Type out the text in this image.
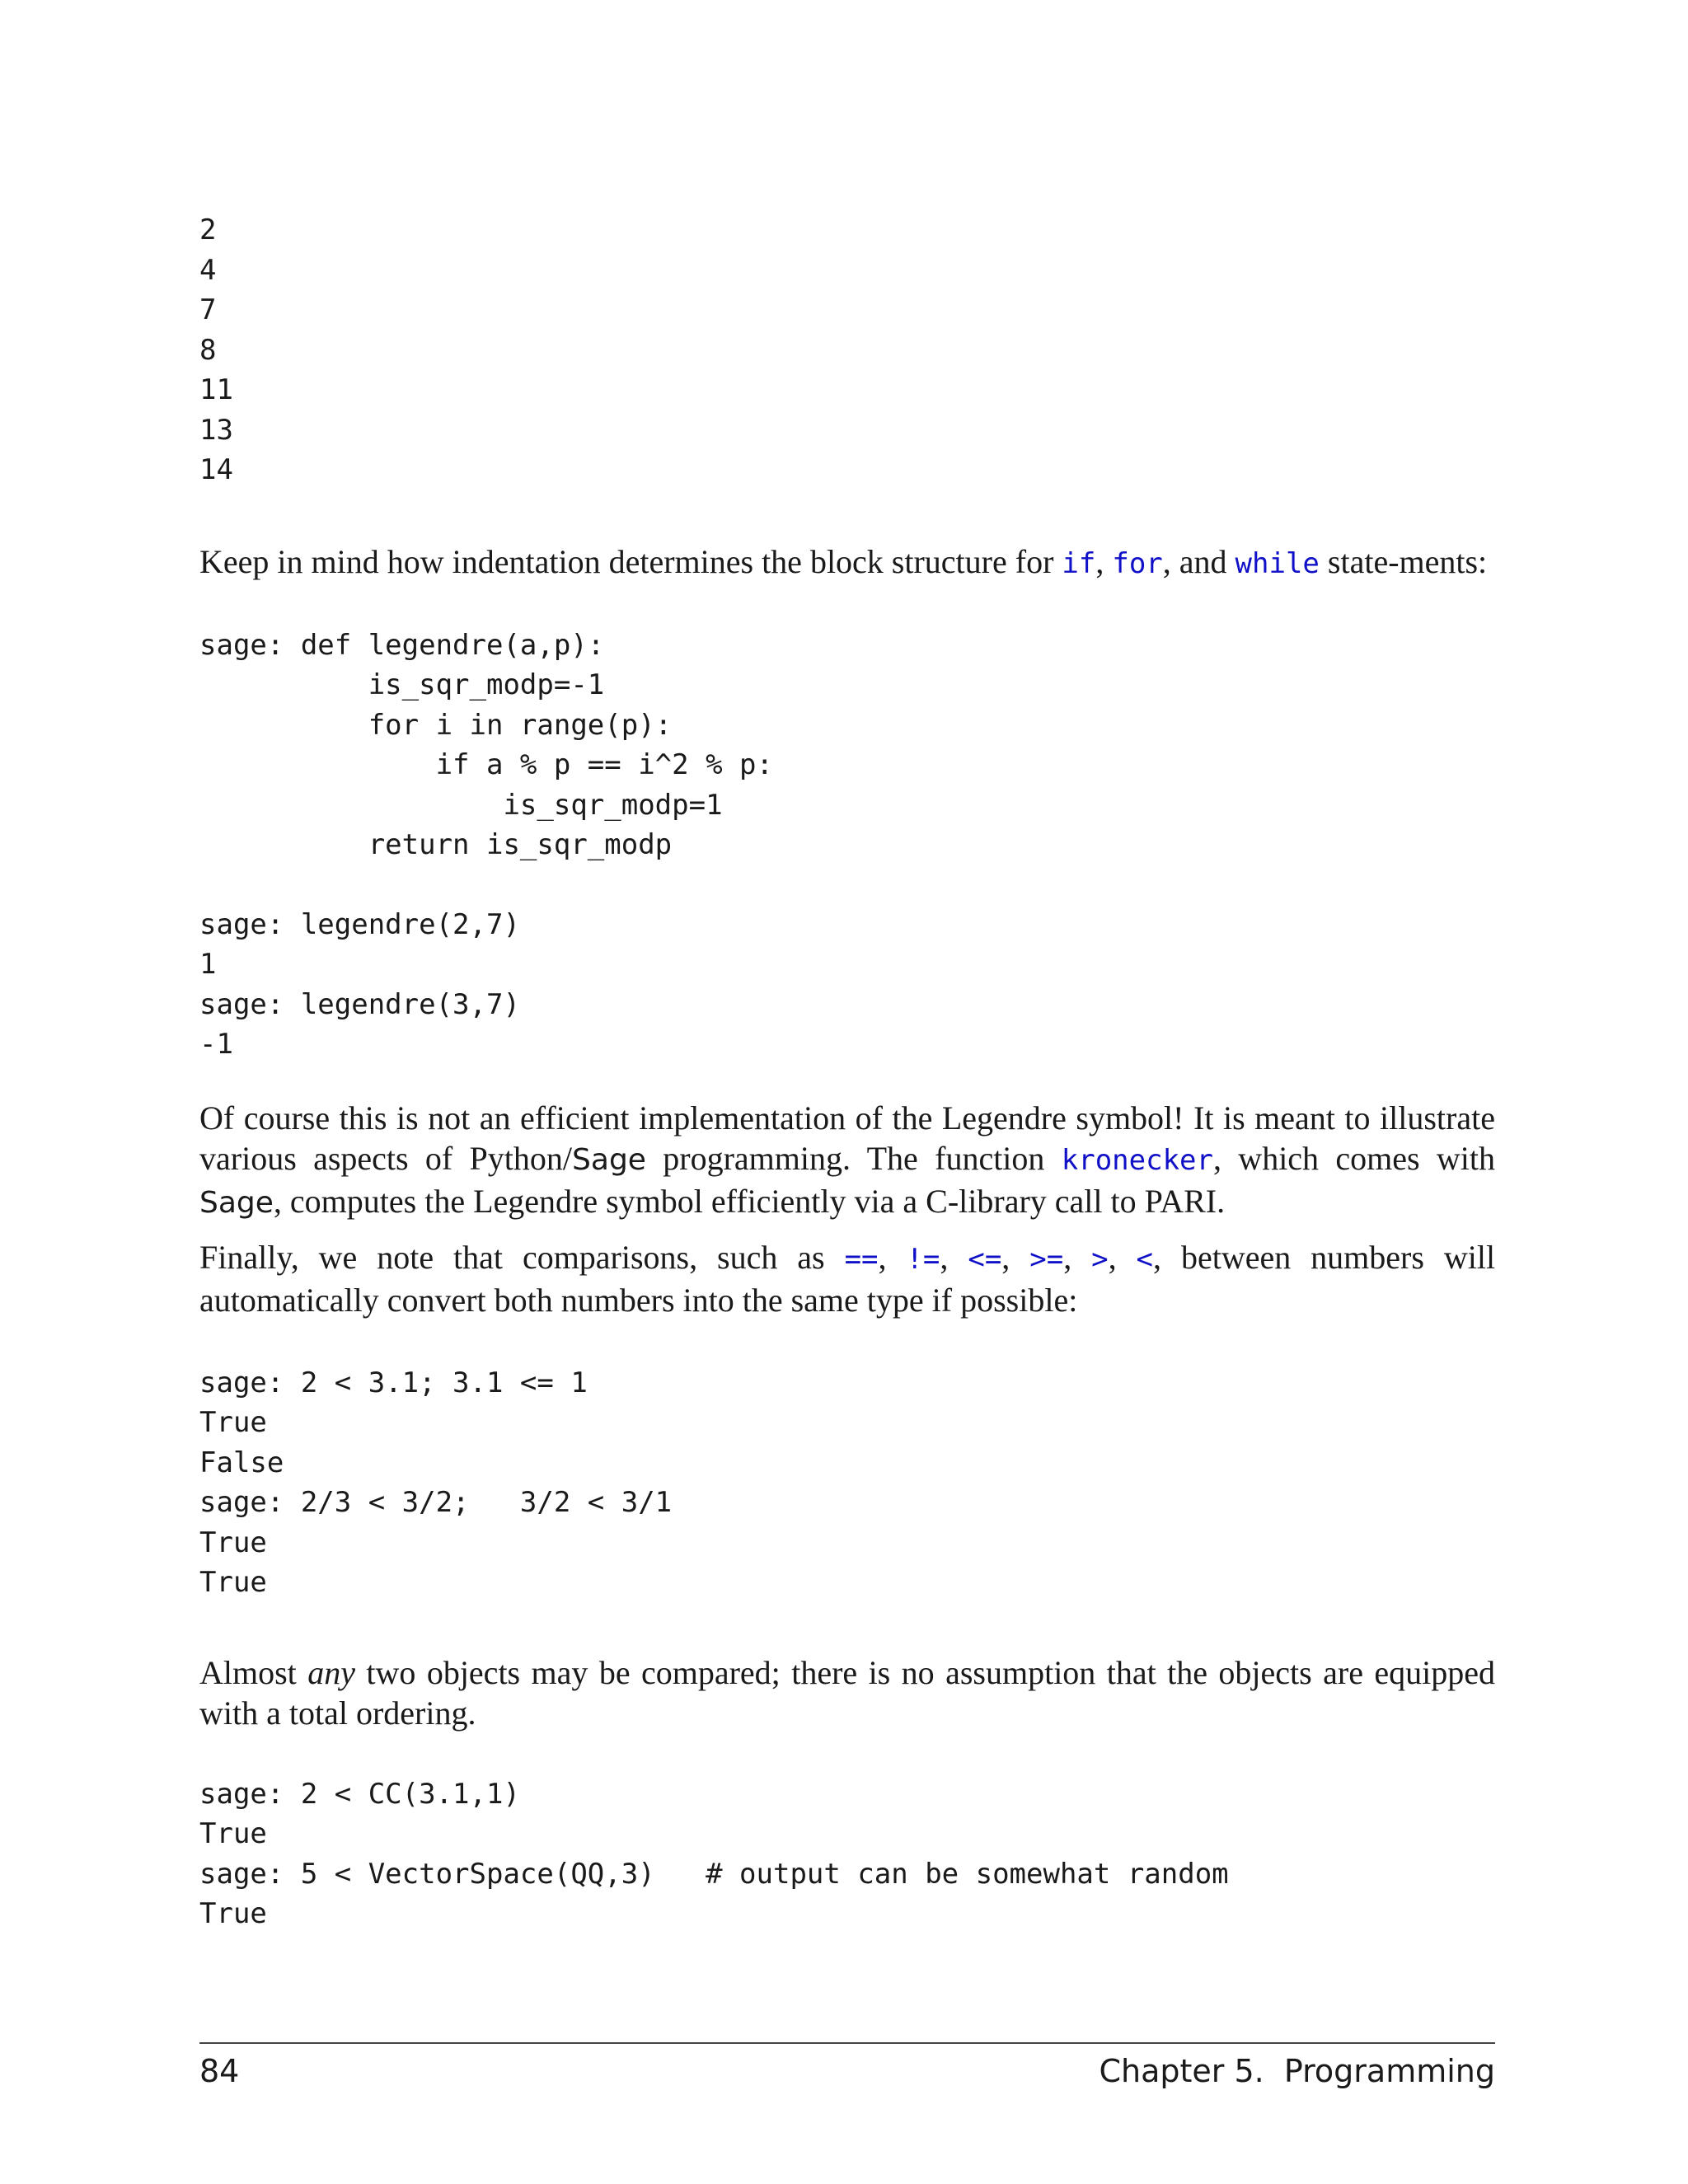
2
4
7
8
11
13
14

Keep in mind how indentation determines the block structure for if, for, and while state-ments:

sage: def legendre(a,p):
is_sqr_modp=-1
for i in range(p):
if a % p == i^2 % p:
is_sqr_modp=1
return is_sqr_modp
sage: legendre(2,7)
1
sage: legendre(3,7)
-1

Of course this is not an efficient implementation of the Legendre symbol! It is meant to illustrate various aspects of Python/Sage programming. The function kronecker, which comes with Sage, computes the Legendre symbol efficiently via a C-library call to PARI.

Finally, we note that comparisons, such as ==, !=, <=, >=, >, <, between numbers will automatically convert both numbers into the same type if possible:

sage: 2 < 3.1; 3.1 <= 1
True
False
sage: 2/3 < 3/2;   3/2 < 3/1
True
True

Almost any two objects may be compared; there is no assumption that the objects are equipped with a total ordering.

sage: 2 < CC(3.1,1)
True
sage: 5 < VectorSpace(QQ,3)   # output can be somewhat random
True
84	Chapter 5.  Programming
